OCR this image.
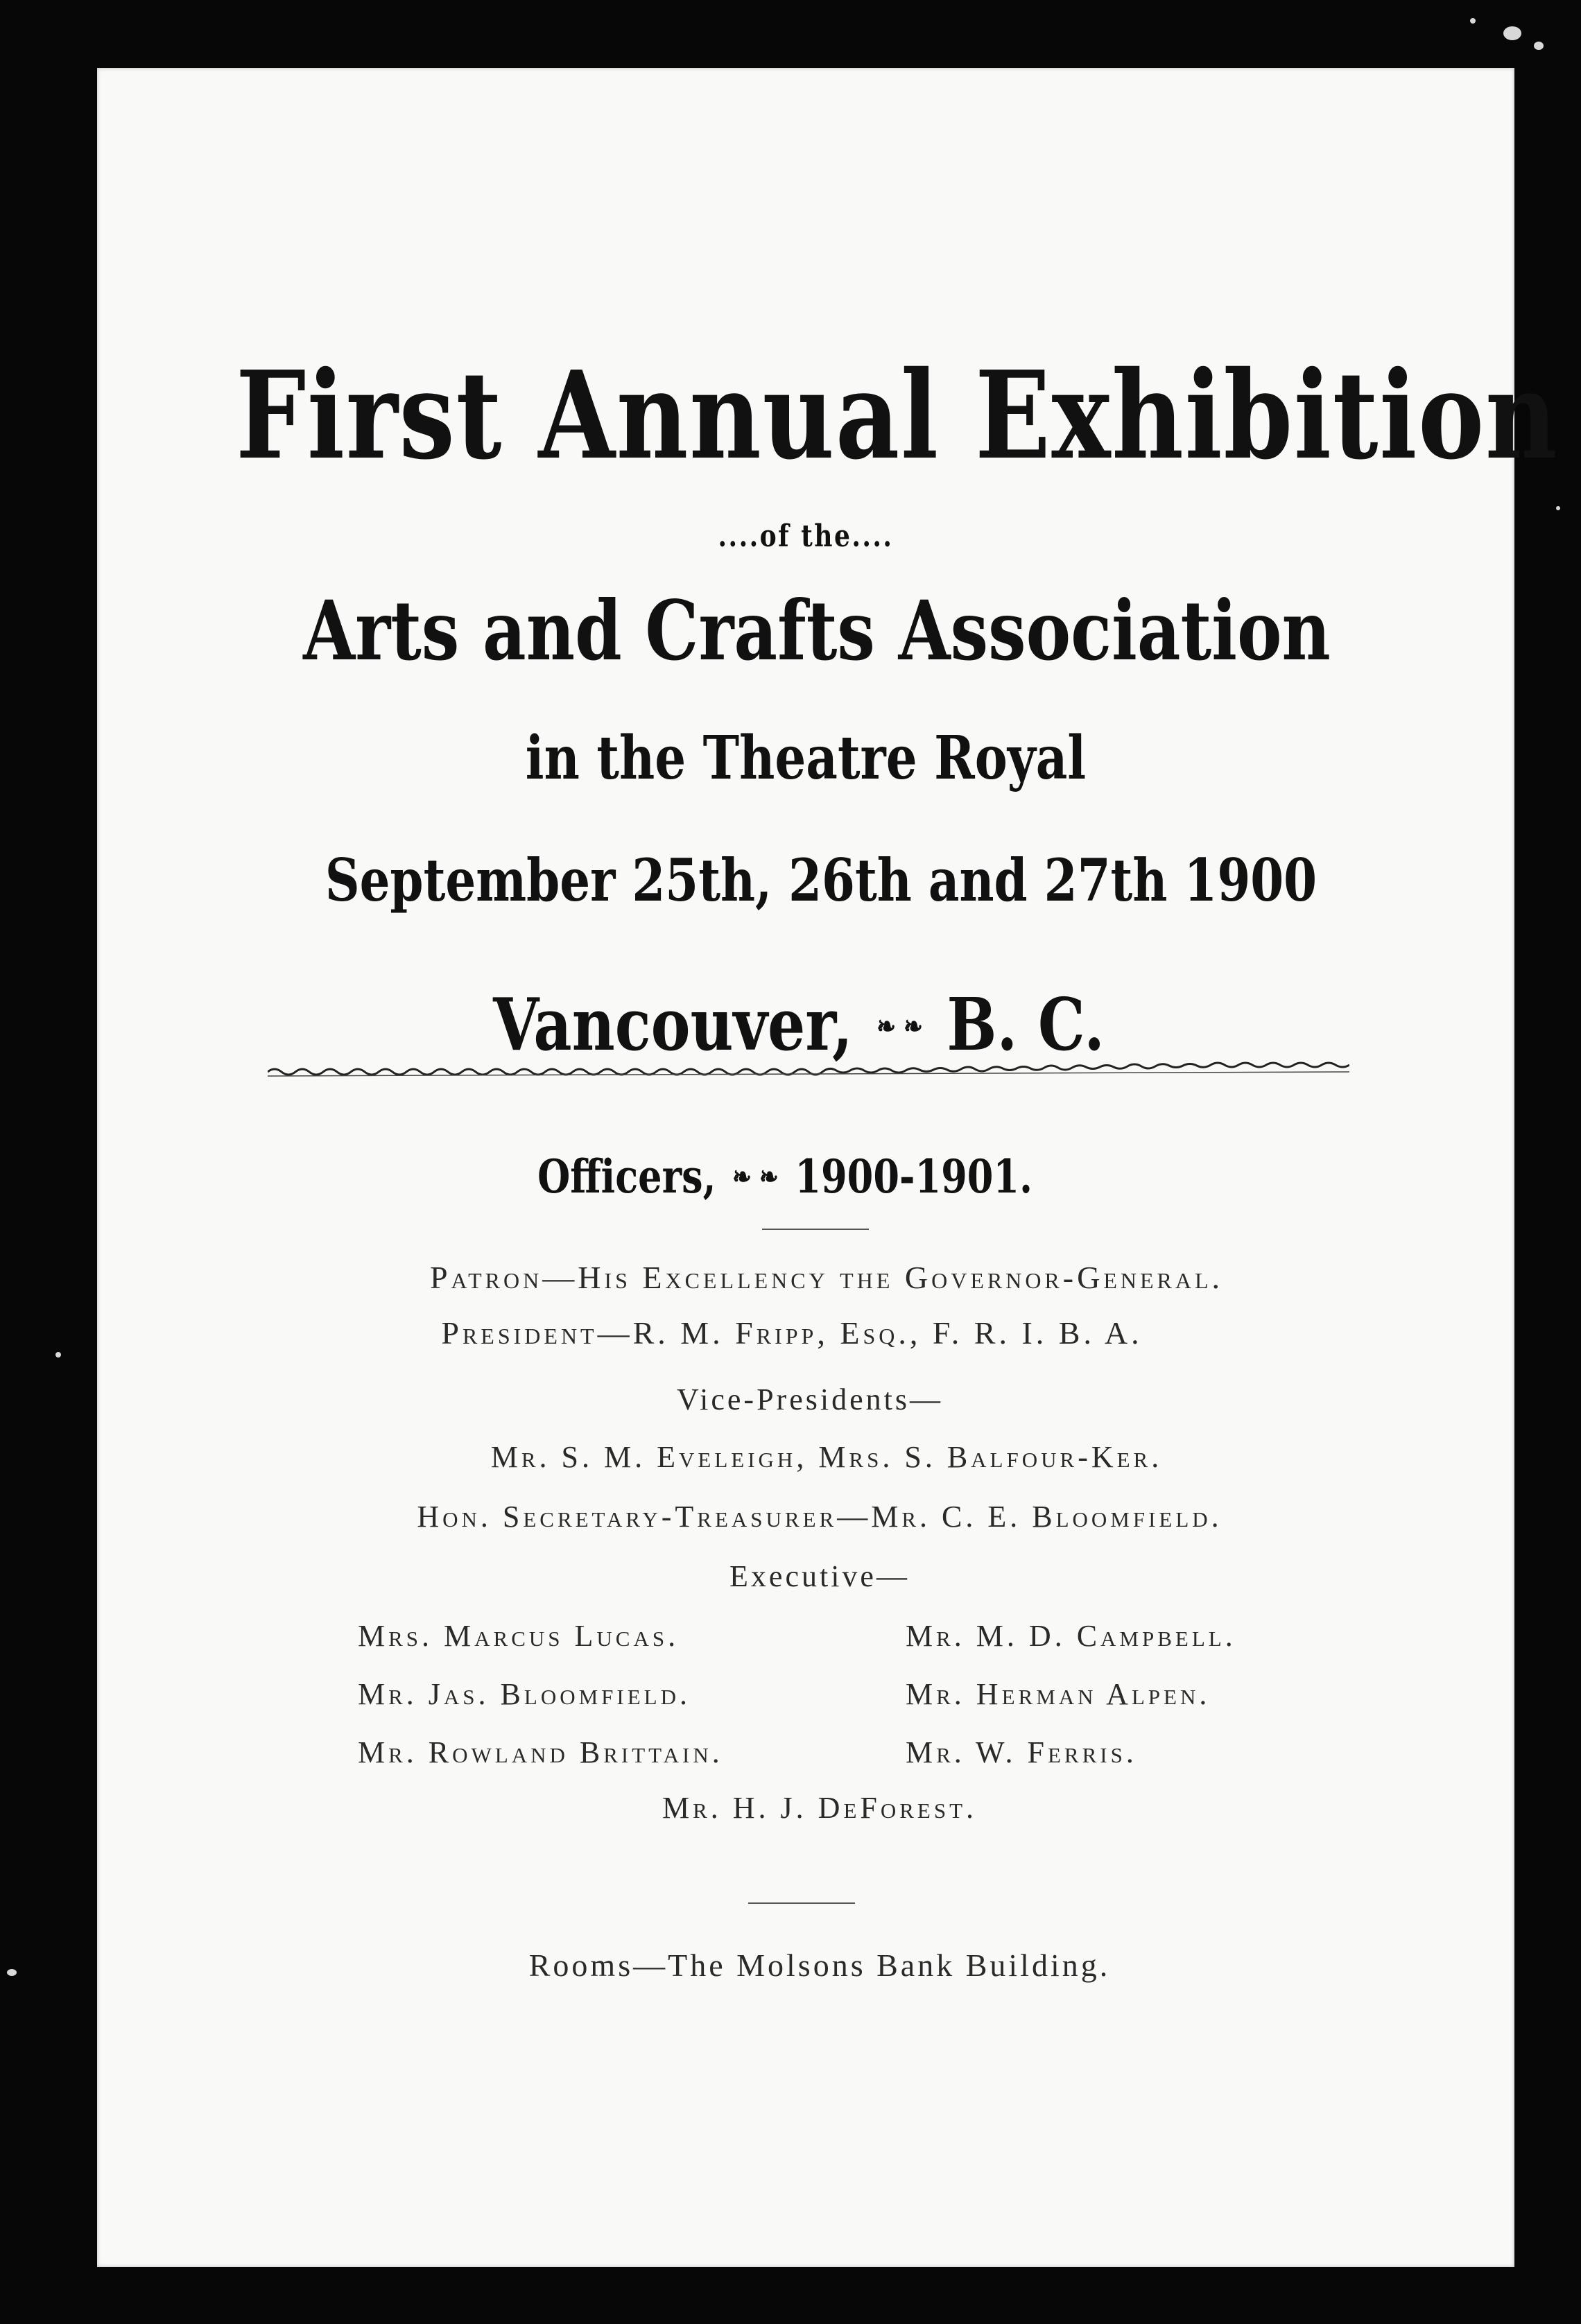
First Annual Exhibition
....of the....
Arts and Crafts Association
in the Theatre Royal
September 25th, 26th and 27th 1900
Vancouver, ❧ ❧ B. C.
Officers, ❧ ❧ 1900-1901.
Patron—His Excellency the Governor-General.
President—R. M. Fripp, Esq., F. R. I. B. A.
Vice-Presidents—
Mr. S. M. Eveleigh, Mrs. S. Balfour-Ker.
Hon. Secretary-Treasurer—Mr. C. E. Bloomfield.
Executive—
Mrs. Marcus Lucas.	Mr. M. D. Campbell.
Mr. Jas. Bloomfield.	Mr. Herman Alpen.
Mr. Rowland Brittain.	Mr. W. Ferris.
Mr. H. J. DeForest.
Rooms—The Molsons Bank Building.
